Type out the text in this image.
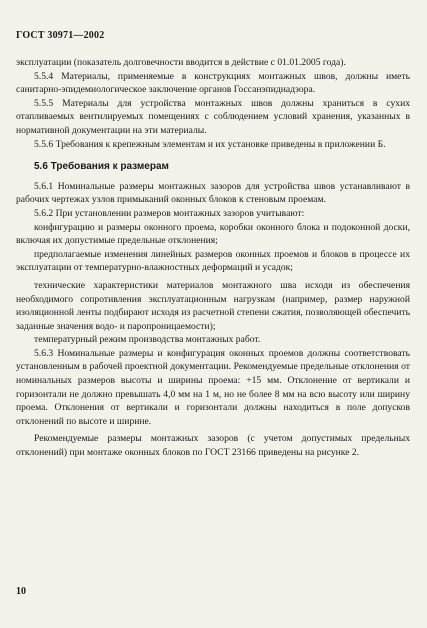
ГОСТ 30971—2002

эксплуатации (показатель долговечности вводится в действие с 01.01.2005 года).

5.5.4 Материалы, применяемые в конструкциях монтажных швов, должны иметь санитарно-эпидемиологическое заключение органов Госсанэпиднадзора.

5.5.5 Материалы для устройства монтажных швов должны храниться в сухих отапливаемых вентилируемых помещениях с соблюдением условий хранения, указанных в нормативной документации на эти материалы.

5.5.6 Требования к крепежным элементам и их установке приведены в приложении Б.

5.6 Требования к размерам

5.6.1 Номинальные размеры монтажных зазоров для устройства швов устанавливают в рабочих чертежах узлов примыканий оконных блоков к стеновым проемам.

5.6.2 При установлении размеров монтажных зазоров учитывают:

конфигурацию и размеры оконного проема, коробки оконного блока и подоконной доски, включая их допустимые предельные отклонения;

предполагаемые изменения линейных размеров оконных проемов и блоков в процессе их эксплуатации от температурно-влажностных деформаций и усадок;

технические характеристики материалов монтажного шва исходя из обеспечения необходимого сопротивления эксплуатационным нагрузкам (например, размер наружной изоляционной ленты подбирают исходя из расчетной степени сжатия, позволяющей обеспечить заданные значения водо- и паропроницаемости);

температурный режим производства монтажных работ.

5.6.3 Номинальные размеры и конфигурация оконных проемов должны соответствовать установленным в рабочей проектной документации. Рекомендуемые предельные отклонения от номинальных размеров высоты и ширины проема: +15 мм. Отклонение от вертикали и горизонтали не должно превышать 4,0 мм на 1 м, но не более 8 мм на всю высоту или ширину проема. Отклонения от вертикали и горизонтали должны находиться в поле допусков отклонений по высоте и ширине.

Рекомендуемые размеры монтажных зазоров (с учетом допустимых предельных отклонений) при монтаже оконных блоков по ГОСТ 23166 приведены на рисунке 2.

10
